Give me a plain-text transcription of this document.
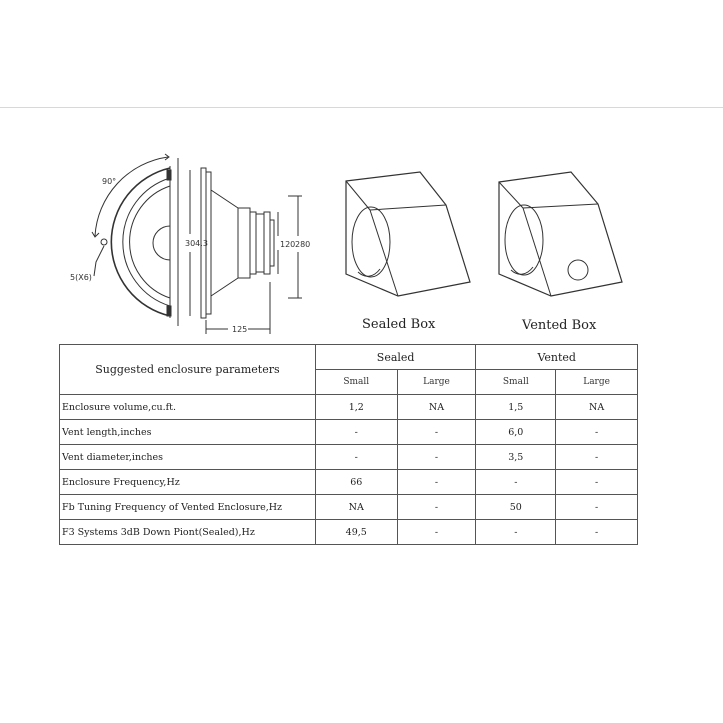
90°
5(X6)
304.3	120 280
125	Sealed Box	Vented Box
Suggested enclosure parameters	Sealed		Vented	
	Small	Large	Small	Large
Enclosure volume,cu.ft.	1,2	NA	1,5	NA
Vent length,inches	-	-	6,0	-
Vent diameter,inches	-	-	3,5	-
Enclosure Frequency,Hz	66	-	-	-
Fb Tuning Frequency of Vented Enclosure,Hz	NA	-	50	-
F3 Systems 3dB Down Piont(Sealed),Hz	49,5	-	-	-
